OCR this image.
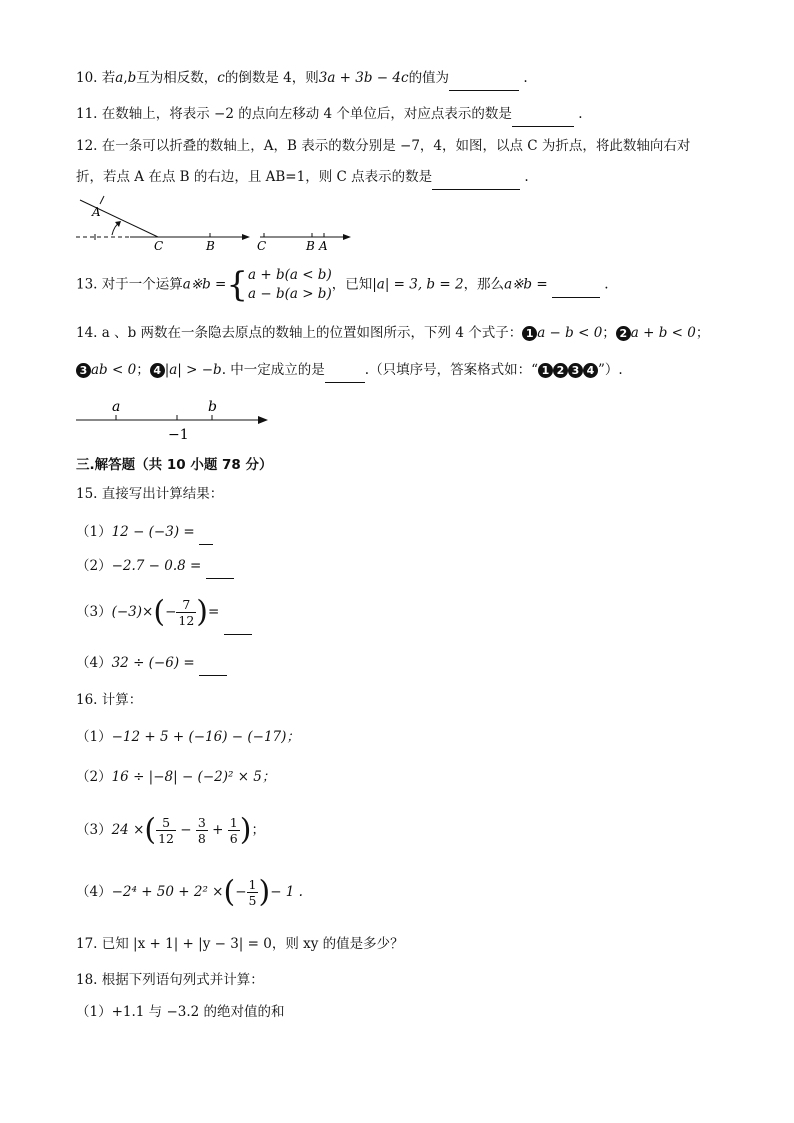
10. 若a,b互为相反数，c的倒数是 4，则3a + 3b − 4c的值为	.
11. 在数轴上，将表示 −2 的点向左移动 4 个单位后，对应点表示的数是	.
12. 在一条可以折叠的数轴上，A，B 表示的数分别是 −7，4，如图，以点 C 为折点，将此数轴向右对
折，若点 A 在点 B 的右边，且 AB=1，则 C 点表示的数是	.
A
C	B	C	B A
13. 对于一个运算a※b ={a + b(a < b)
a − b(a > b)，已知|a| = 3, b = 2，那么a※b =	.
14. a 、b 两数在一条隐去原点的数轴上的位置如图所示，下列 4 个式子： 1 a − b < 0； 2 a + b < 0；
3 ab < 0； 4 |a| > −b. 中一定成立的是	.（只填序号，答案格式如：“ 1 2 3 4 ”）.
a	b
−1
三.解答题（共 10 小题 78 分）
15. 直接写出计算结果：
（1）12 − (−3) =
（2）−2.7 − 0.8 =
$(3)(-3)\times(- \frac{7}{12}$ )=
（4）32 ÷ (−6) =
16. 计算：
（1）−12 + 5 + (−16) − (−17)；
（2）16 ÷ |−8| − (−2)² × 5；
（3）24 ×( $\frac{5}{12} - \frac{3}{8} + \frac{1}{6}$ )；
（4）−2⁴ + 50 + 2² ×(− $\frac{1}{5}$ )− 1 .
17. 已知 |x + 1| + |y − 3| = 0，则 xy 的值是多少？
18. 根据下列语句列式并计算：
（1）+1.1 与 −3.2 的绝对值的和
